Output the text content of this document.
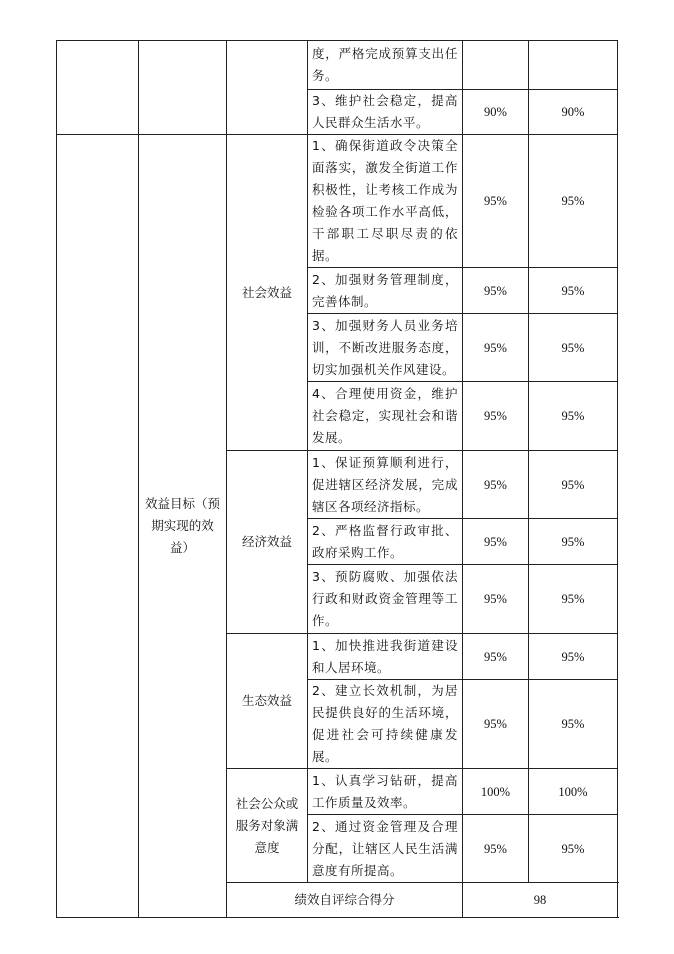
			度，严格完成预算支出任务。		
			3、维护社会稳定，提高人民群众生活水平。	90%	90%
	效益目标（预期实现的效益）	社会效益	1、确保街道政令决策全面落实，激发全街道工作积极性，让考核工作成为检验各项工作水平高低，干部职工尽职尽责的依据。	95%	95%
			2、加强财务管理制度，完善体制。	95%	95%
			3、加强财务人员业务培训，不断改进服务态度，切实加强机关作风建设。	95%	95%
			4、合理使用资金，维护社会稳定，实现社会和谐发展。	95%	95%
		经济效益	1、保证预算顺利进行，促进辖区经济发展，完成辖区各项经济指标。	95%	95%
			2、严格监督行政审批、政府采购工作。	95%	95%
			3、预防腐败、加强依法行政和财政资金管理等工作。	95%	95%
		生态效益	1、加快推进我街道建设和人居环境。	95%	95%
			2、建立长效机制，为居民提供良好的生活环境，促进社会可持续健康发展。	95%	95%
		社会公众或服务对象满意度	1、认真学习钻研，提高工作质量及效率。	100%	100%
			2、通过资金管理及合理分配，让辖区人民生活满意度有所提高。	95%	95%
		绩效自评综合得分		98	
